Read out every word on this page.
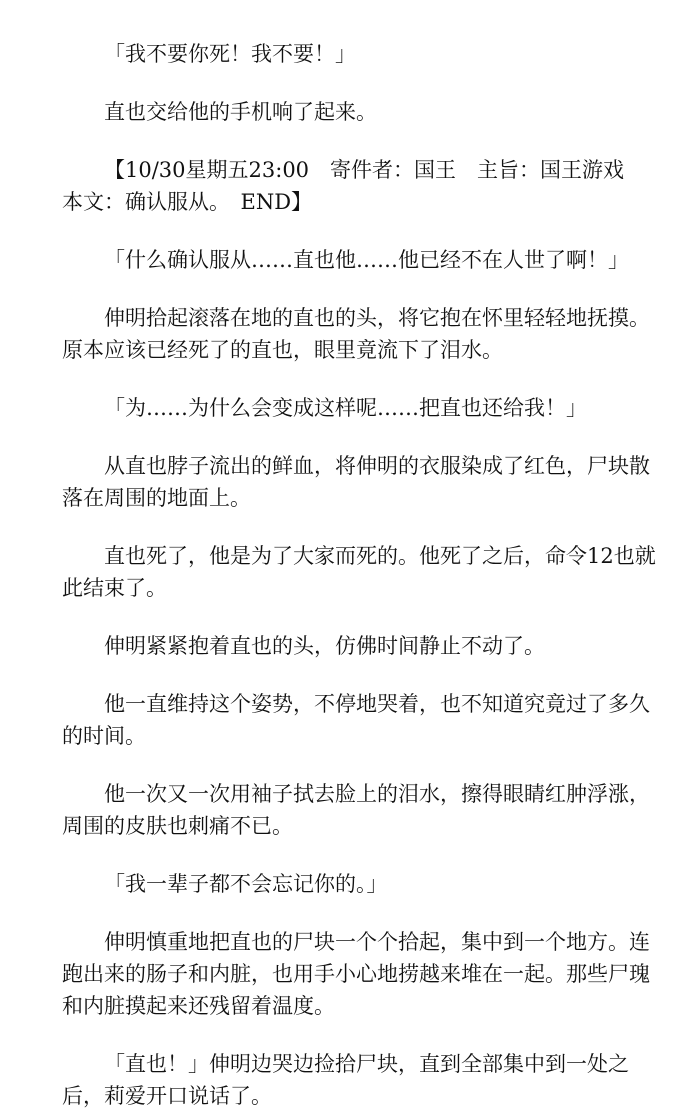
「我不要你死！我不要！」

直也交给他的手机响了起来。

【10/30星期五23:00　寄件者：国王　主旨：国王游戏　本文：确认服从。　END】

「什么确认服从……直也他……他已经不在人世了啊！」

伸明拾起滚落在地的直也的头，将它抱在怀里轻轻地抚摸。原本应该已经死了的直也，眼里竟流下了泪水。

「为……为什么会变成这样呢……把直也还给我！」

从直也脖子流出的鲜血，将伸明的衣服染成了红色，尸块散落在周围的地面上。

直也死了，他是为了大家而死的。他死了之后，命令12也就此结束了。

伸明紧紧抱着直也的头，仿佛时间静止不动了。

他一直维持这个姿势，不停地哭着，也不知道究竟过了多久的时间。

他一次又一次用袖子拭去脸上的泪水，擦得眼睛红肿浮涨，周围的皮肤也刺痛不已。

「我一辈子都不会忘记你的。」

伸明慎重地把直也的尸块一个个拾起，集中到一个地方。连跑出来的肠子和内脏，也用手小心地捞越来堆在一起。那些尸瑰和内脏摸起来还残留着温度。

「直也！」伸明边哭边捡拾尸块，直到全部集中到一处之后，莉爱开口说话了。
